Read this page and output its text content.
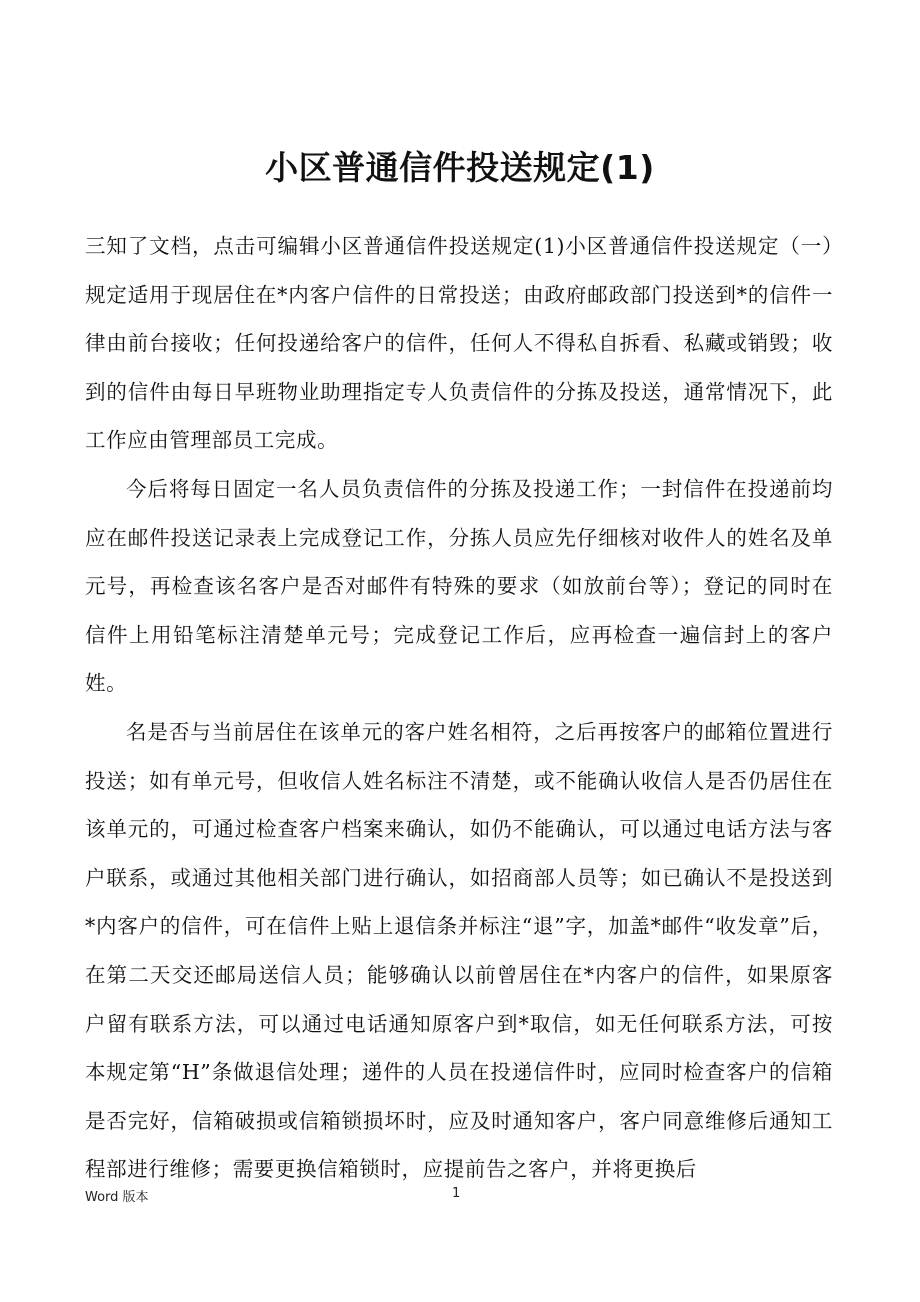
小区普通信件投送规定(1)

三知了文档，点击可编辑小区普通信件投送规定(1)小区普通信件投送规定（一）规定适用于现居住在*内客户信件的日常投送；由政府邮政部门投送到*的信件一律由前台接收；任何投递给客户的信件，任何人不得私自拆看、私藏或销毁；收到的信件由每日早班物业助理指定专人负责信件的分拣及投送，通常情况下，此工作应由管理部员工完成。

今后将每日固定一名人员负责信件的分拣及投递工作；一封信件在投递前均应在邮件投送记录表上完成登记工作，分拣人员应先仔细核对收件人的姓名及单元号，再检查该名客户是否对邮件有特殊的要求（如放前台等）；登记的同时在信件上用铅笔标注清楚单元号；完成登记工作后，应再检查一遍信封上的客户姓。

名是否与当前居住在该单元的客户姓名相符，之后再按客户的邮箱位置进行投送；如有单元号，但收信人姓名标注不清楚，或不能确认收信人是否仍居住在该单元的，可通过检查客户档案来确认，如仍不能确认，可以通过电话方法与客户联系，或通过其他相关部门进行确认，如招商部人员等；如已确认不是投送到*内客户的信件，可在信件上贴上退信条并标注“退”字，加盖*邮件“收发章”后，在第二天交还邮局送信人员；能够确认以前曾居住在*内客户的信件，如果原客户留有联系方法，可以通过电话通知原客户到*取信，如无任何联系方法，可按本规定第“H”条做退信处理；递件的人员在投递信件时，应同时检查客户的信箱是否完好，信箱破损或信箱锁损坏时，应及时通知客户，客户同意维修后通知工程部进行维修；需要更换信箱锁时，应提前告之客户，并将更换后

Word 版本	1
